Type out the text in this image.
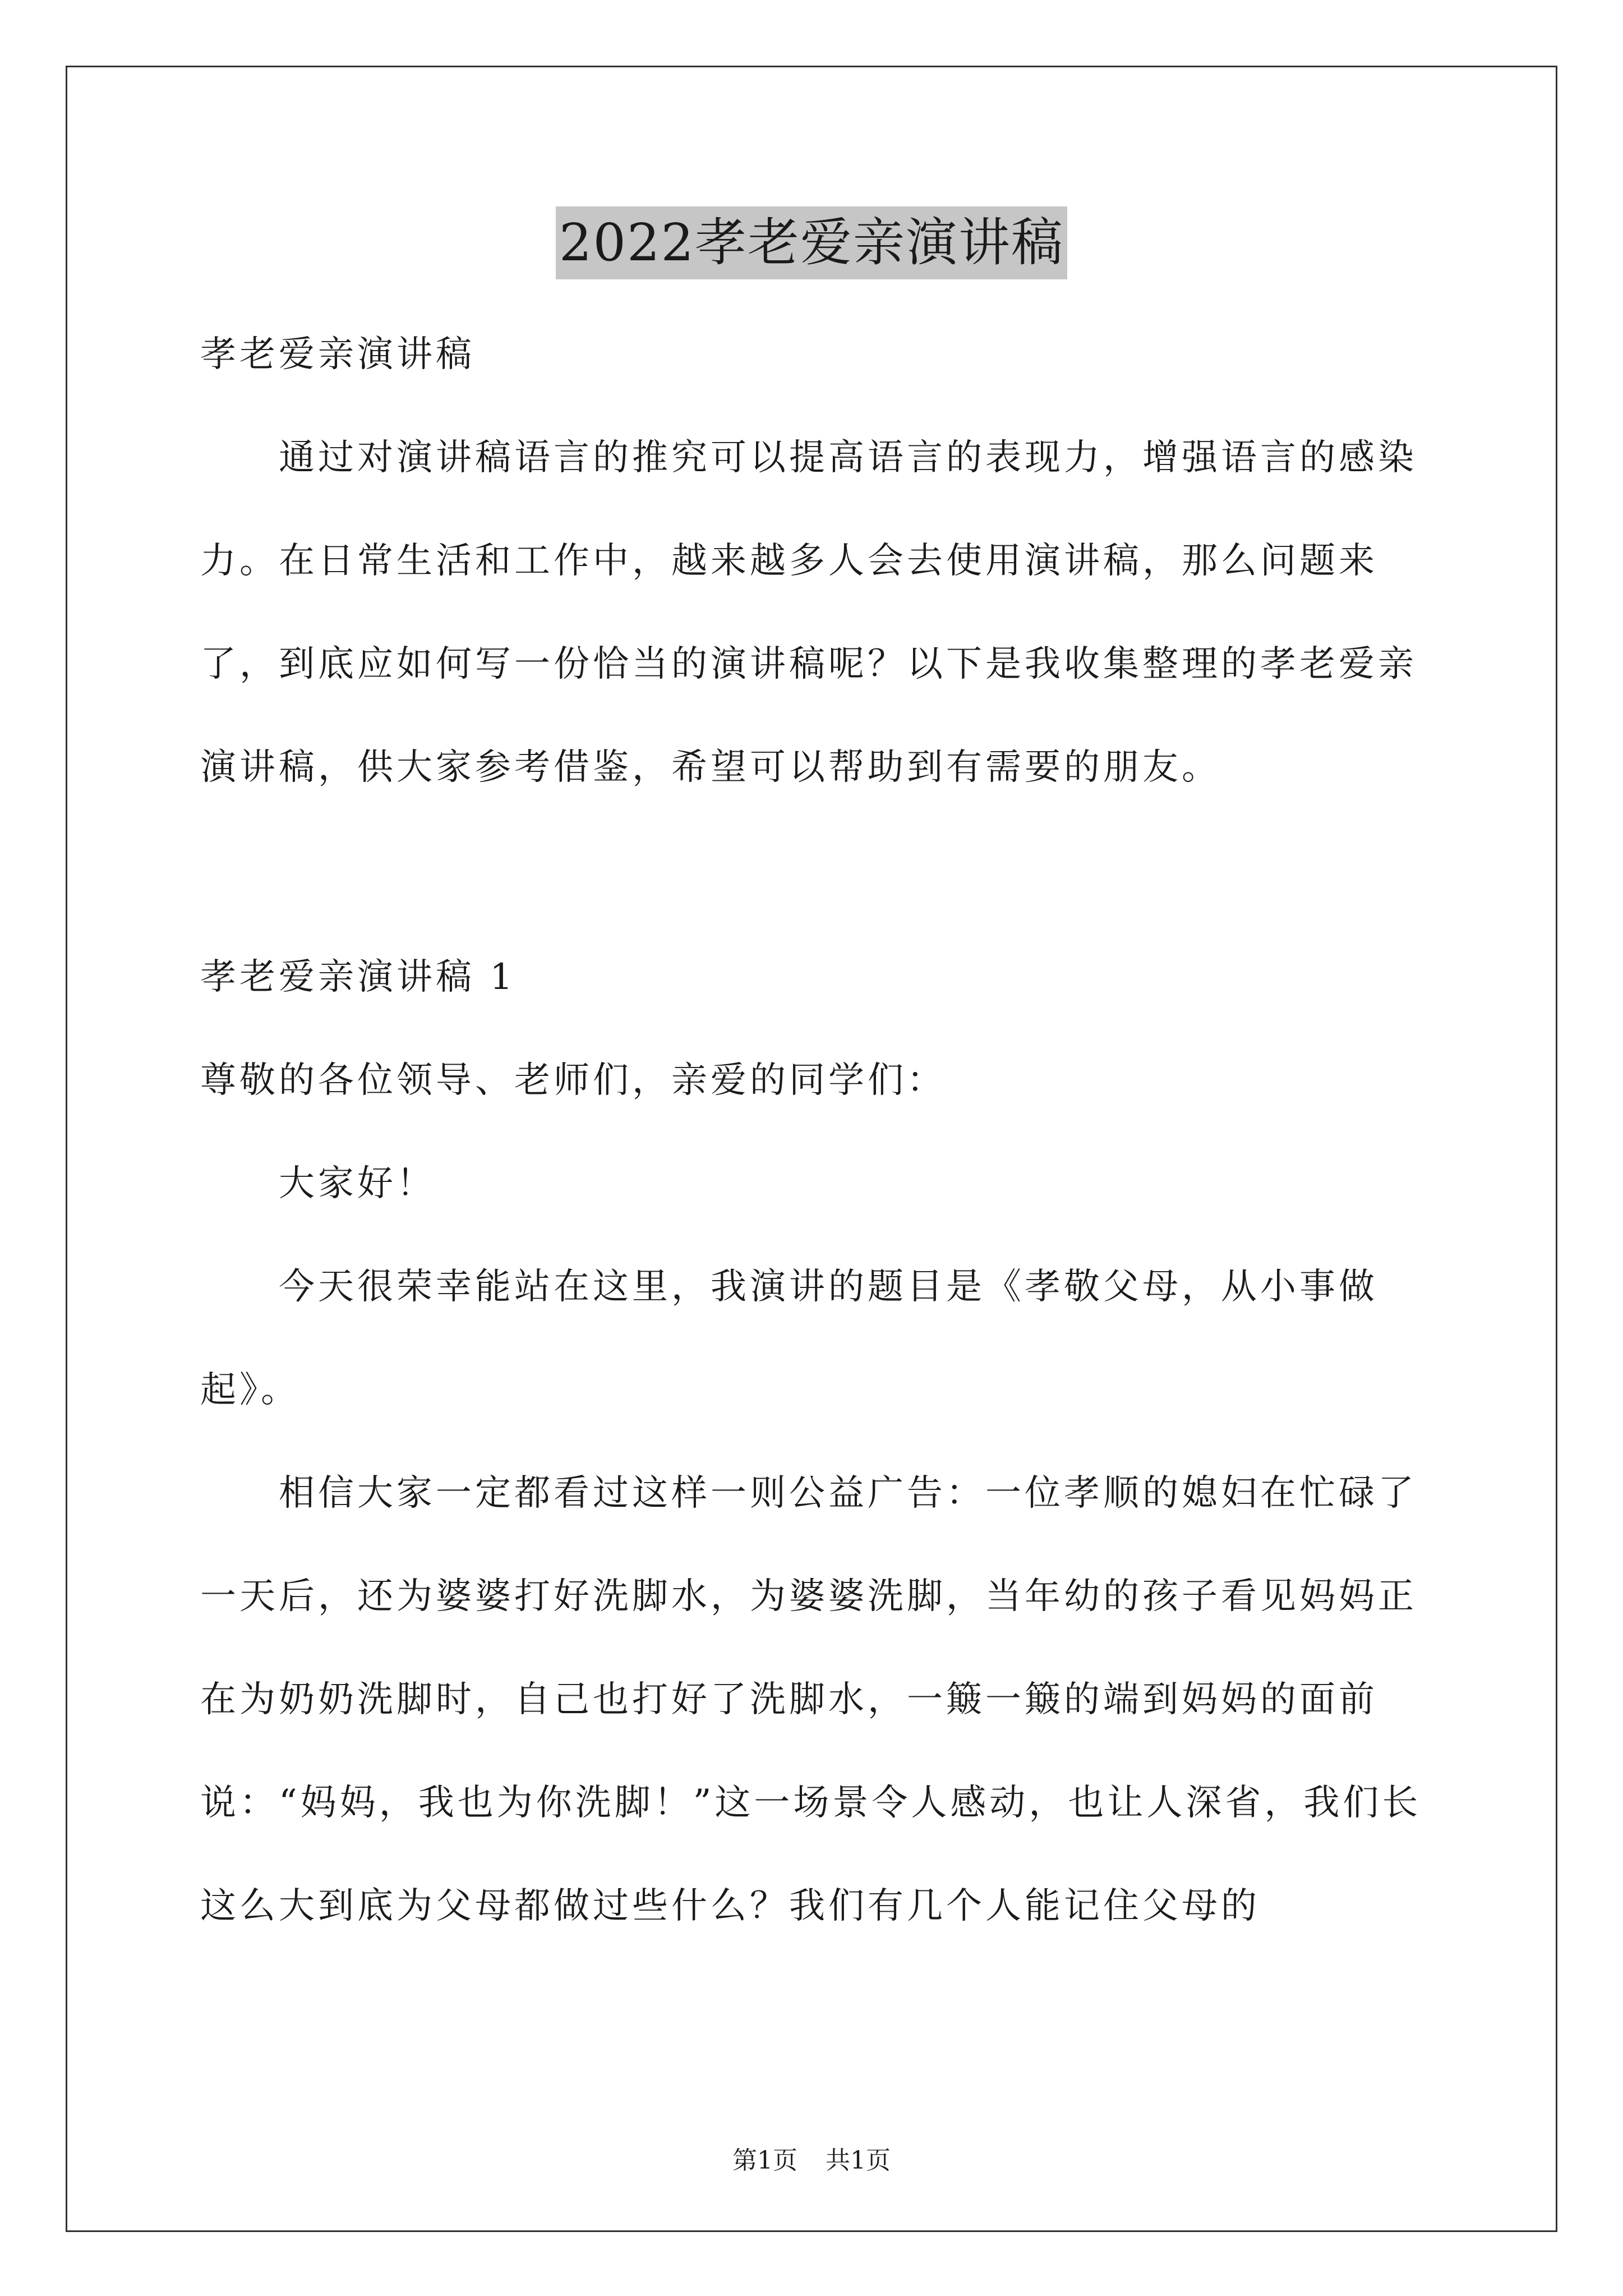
2022孝老爱亲演讲稿

孝老爱亲演讲稿

通过对演讲稿语言的推究可以提高语言的表现力，增强语言的感染力。在日常生活和工作中，越来越多人会去使用演讲稿，那么问题来了，到底应如何写一份恰当的演讲稿呢？以下是我收集整理的孝老爱亲演讲稿，供大家参考借鉴，希望可以帮助到有需要的朋友。

孝老爱亲演讲稿 1

尊敬的各位领导、老师们，亲爱的同学们：

大家好！

今天很荣幸能站在这里，我演讲的题目是《孝敬父母，从小事做起》。

相信大家一定都看过这样一则公益广告：一位孝顺的媳妇在忙碌了一天后，还为婆婆打好洗脚水，为婆婆洗脚，当年幼的孩子看见妈妈正在为奶奶洗脚时，自己也打好了洗脚水，一簸一簸的端到妈妈的面前说：“妈妈，我也为你洗脚！”这一场景令人感动，也让人深省，我们长这么大到底为父母都做过些什么？我们有几个人能记住父母的

第1页 共1页
